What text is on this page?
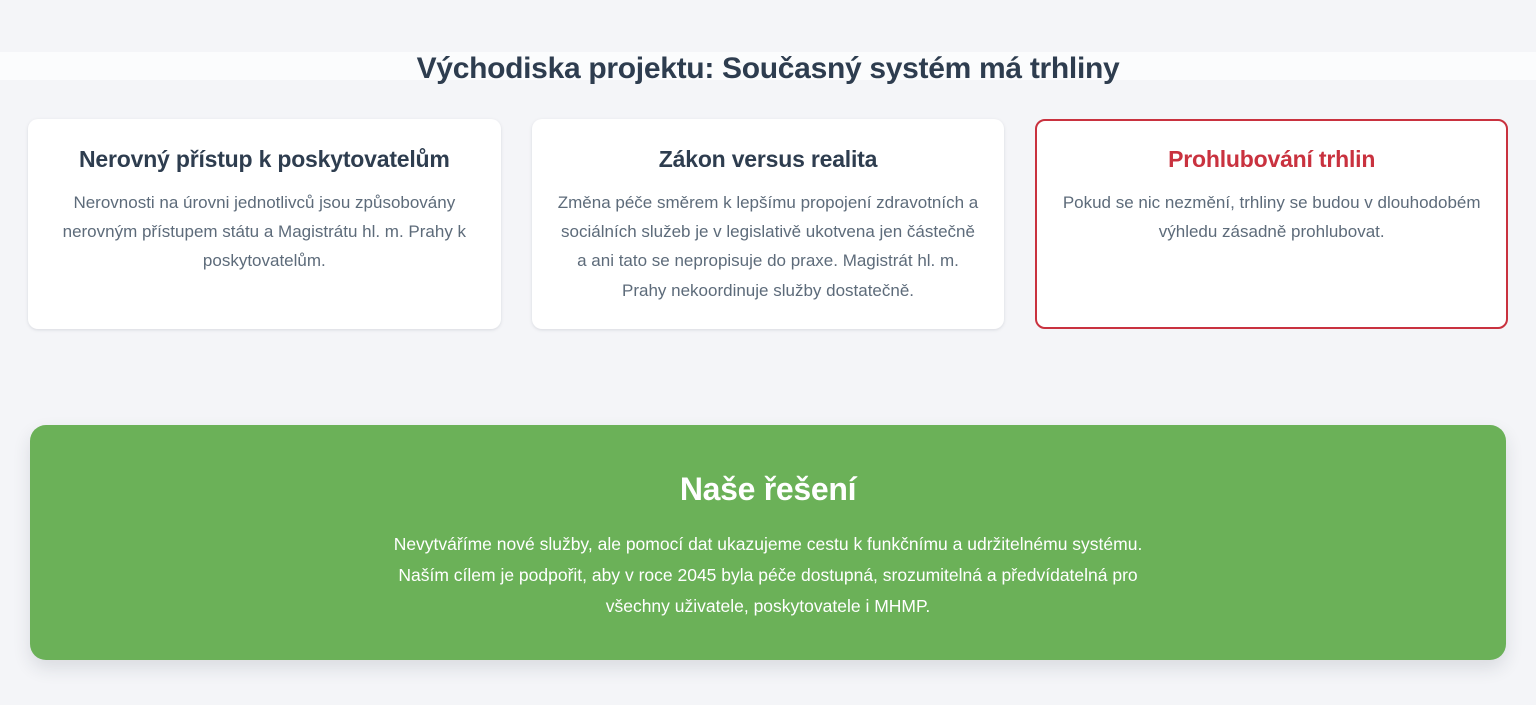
Východiska projektu: Současný systém má trhliny
Nerovný přístup k poskytovatelům
Nerovnosti na úrovni jednotlivců jsou způsobovány nerovným přístupem státu a Magistrátu hl. m. Prahy k poskytovatelům.
Zákon versus realita
Změna péče směrem k lepšímu propojení zdravotních a sociálních služeb je v legislativě ukotvena jen částečně a ani tato se nepropisuje do praxe. Magistrát hl. m. Prahy nekoordinuje služby dostatečně.
Prohlubování trhlin
Pokud se nic nezmění, trhliny se budou v dlouhodobém výhledu zásadně prohlubovat.
Naše řešení
Nevytváříme nové služby, ale pomocí dat ukazujeme cestu k funkčnímu a udržitelnému systému.
Naším cílem je podpořit, aby v roce 2045 byla péče dostupná, srozumitelná a předvídatelná pro
všechny uživatele, poskytovatele i MHMP.
